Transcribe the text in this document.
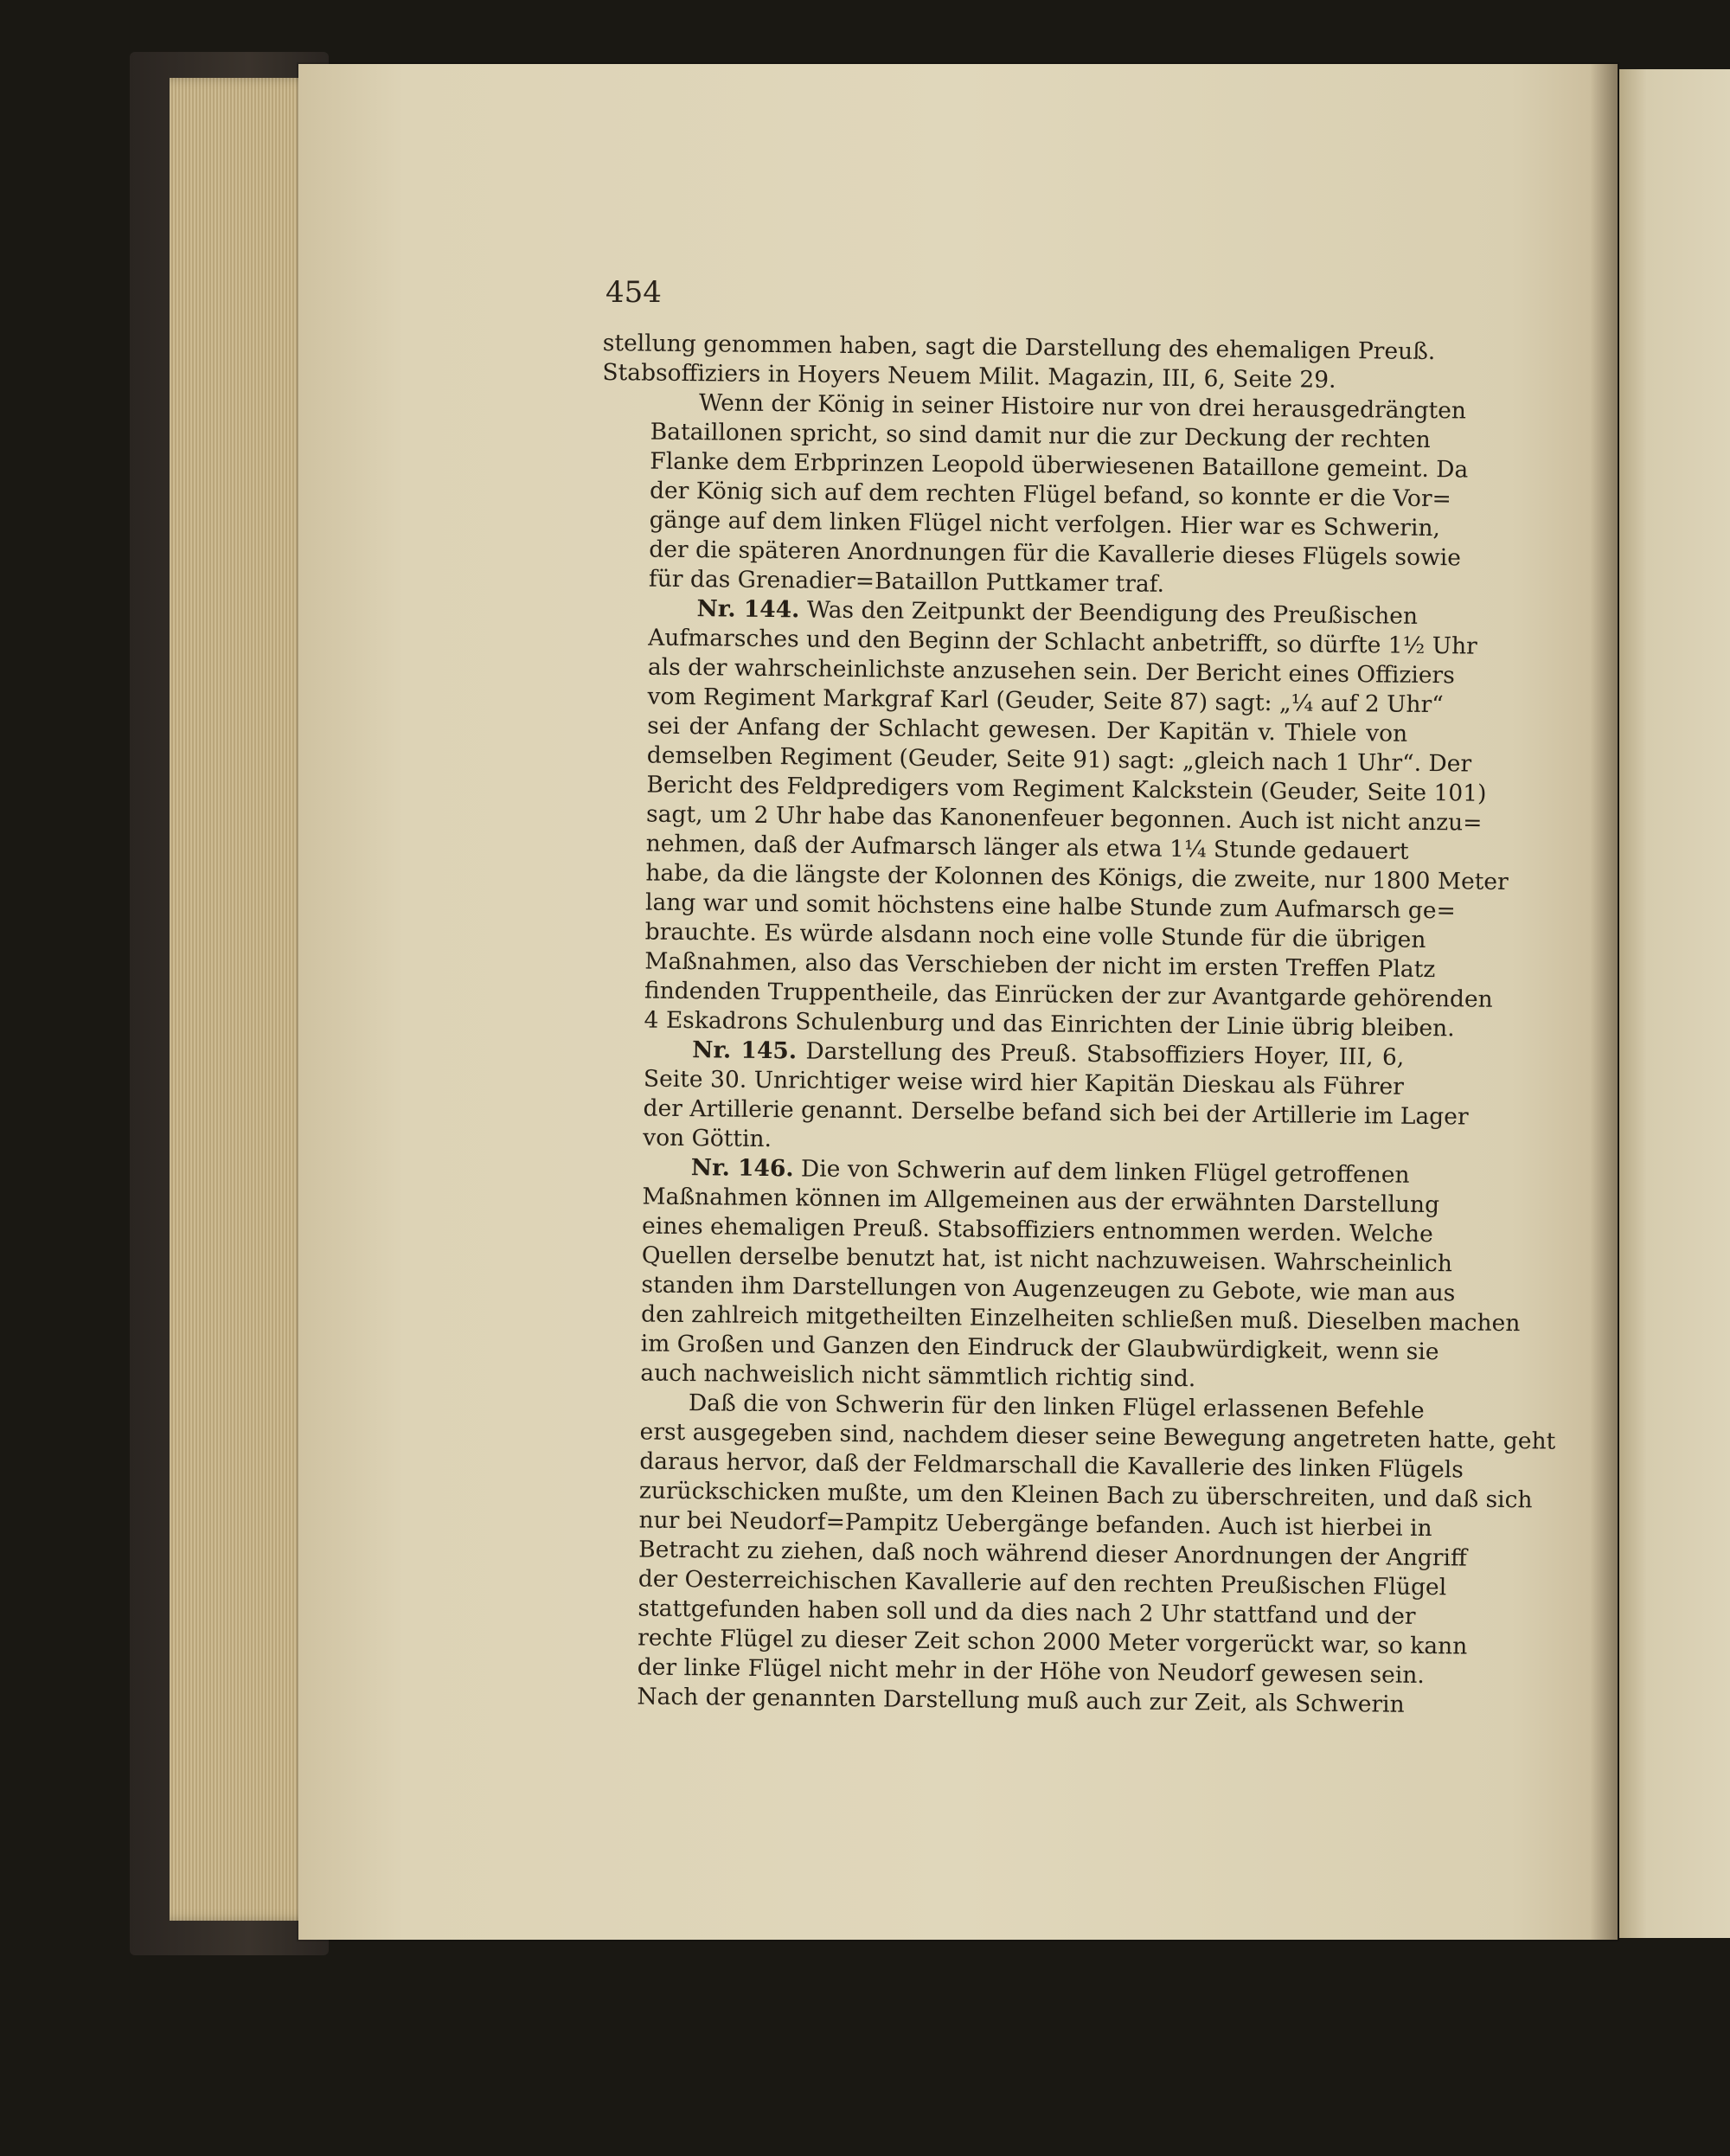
454
stellung genommen haben, sagt die Darstellung des ehemaligen Preuß.
Stabsoffiziers in Hoyers Neuem Milit. Magazin, III, 6, Seite 29.
Wenn der König in seiner Histoire nur von drei herausgedrängten
Bataillonen spricht, so sind damit nur die zur Deckung der rechten
Flanke dem Erbprinzen Leopold überwiesenen Bataillone gemeint. Da
der König sich auf dem rechten Flügel befand, so konnte er die Vor=
gänge auf dem linken Flügel nicht verfolgen. Hier war es Schwerin,
der die späteren Anordnungen für die Kavallerie dieses Flügels sowie
für das Grenadier=Bataillon Puttkamer traf.
Nr. 144. Was den Zeitpunkt der Beendigung des Preußischen
Aufmarsches und den Beginn der Schlacht anbetrifft, so dürfte 1½ Uhr
als der wahrscheinlichste anzusehen sein. Der Bericht eines Offiziers
vom Regiment Markgraf Karl (Geuder, Seite 87) sagt: „¼ auf 2 Uhr“
sei der Anfang der Schlacht gewesen. Der Kapitän v. Thiele von
demselben Regiment (Geuder, Seite 91) sagt: „gleich nach 1 Uhr“. Der
Bericht des Feldpredigers vom Regiment Kalckstein (Geuder, Seite 101)
sagt, um 2 Uhr habe das Kanonenfeuer begonnen. Auch ist nicht anzu=
nehmen, daß der Aufmarsch länger als etwa 1¼ Stunde gedauert
habe, da die längste der Kolonnen des Königs, die zweite, nur 1800 Meter
lang war und somit höchstens eine halbe Stunde zum Aufmarsch ge=
brauchte. Es würde alsdann noch eine volle Stunde für die übrigen
Maßnahmen, also das Verschieben der nicht im ersten Treffen Platz
findenden Truppentheile, das Einrücken der zur Avantgarde gehörenden
4 Eskadrons Schulenburg und das Einrichten der Linie übrig bleiben.
Nr. 145. Darstellung des Preuß. Stabsoffiziers Hoyer, III, 6,
Seite 30. Unrichtiger weise wird hier Kapitän Dieskau als Führer
der Artillerie genannt. Derselbe befand sich bei der Artillerie im Lager
von Göttin.
Nr. 146. Die von Schwerin auf dem linken Flügel getroffenen
Maßnahmen können im Allgemeinen aus der erwähnten Darstellung
eines ehemaligen Preuß. Stabsoffiziers entnommen werden. Welche
Quellen derselbe benutzt hat, ist nicht nachzuweisen. Wahrscheinlich
standen ihm Darstellungen von Augenzeugen zu Gebote, wie man aus
den zahlreich mitgetheilten Einzelheiten schließen muß. Dieselben machen
im Großen und Ganzen den Eindruck der Glaubwürdigkeit, wenn sie
auch nachweislich nicht sämmtlich richtig sind.
Daß die von Schwerin für den linken Flügel erlassenen Befehle
erst ausgegeben sind, nachdem dieser seine Bewegung angetreten hatte, geht
daraus hervor, daß der Feldmarschall die Kavallerie des linken Flügels
zurückschicken mußte, um den Kleinen Bach zu überschreiten, und daß sich
nur bei Neudorf=Pampitz Uebergänge befanden. Auch ist hierbei in
Betracht zu ziehen, daß noch während dieser Anordnungen der Angriff
der Oesterreichischen Kavallerie auf den rechten Preußischen Flügel
stattgefunden haben soll und da dies nach 2 Uhr stattfand und der
rechte Flügel zu dieser Zeit schon 2000 Meter vorgerückt war, so kann
der linke Flügel nicht mehr in der Höhe von Neudorf gewesen sein.
Nach der genannten Darstellung muß auch zur Zeit, als Schwerin
